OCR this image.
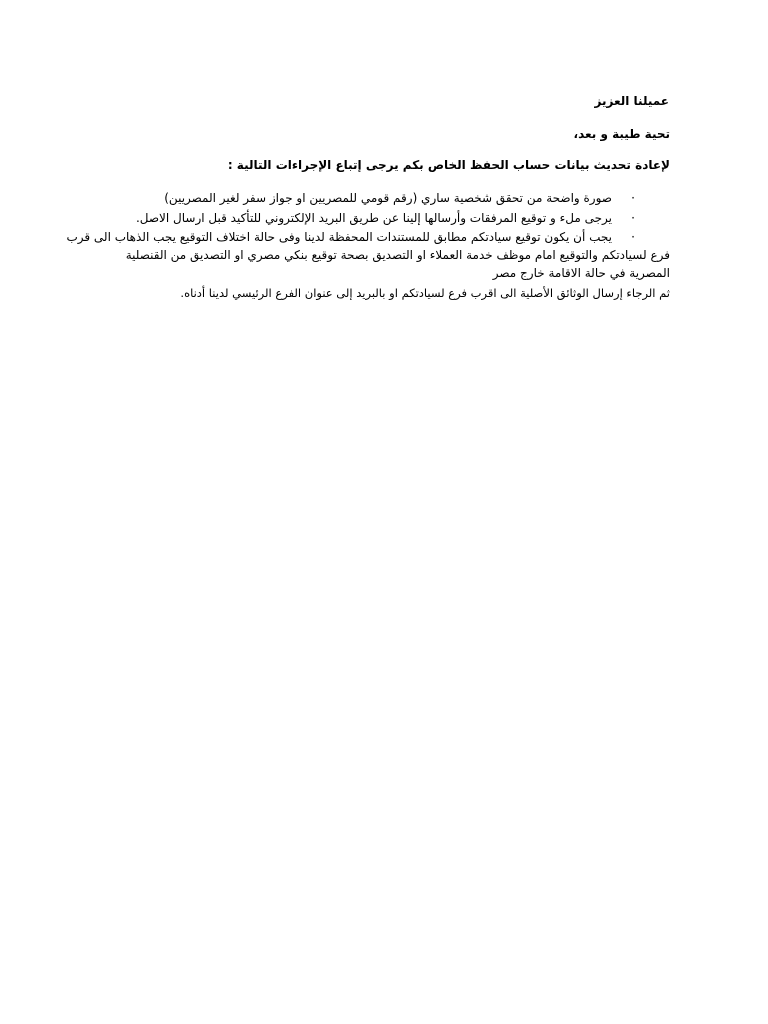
عميلنا العزيز
تحية طيبة و بعد،
لإعادة تحديث بيانات حساب الحفظ الخاص بكم يرجى إتباع الإجراءات التالية :
·صورة واضحة من تحقق شخصية ساري (رقم قومي للمصريين او جواز سفر لغير المصريين)
·يرجى ملء و توقيع المرفقات وأرسالها إلينا عن طريق البريد الإلكتروني للتأكيد قبل ارسال الاصل.
·يجب أن يكون توقيع سيادتكم مطابق للمستندات المحفظة لدينا وفى حالة اختلاف التوقيع يجب الذهاب الى قرب
فرع لسيادتكم والتوقيع امام موظف خدمة العملاء او التصديق بصحة توقيع بنكي مصري او التصديق من القنصلية
المصرية في حالة الاقامة خارج مصر
ثم الرجاء إرسال الوثائق الأصلية الى اقرب فرع لسيادتكم او بالبريد إلى عنوان الفرع الرئيسي لدينا أدناه.
